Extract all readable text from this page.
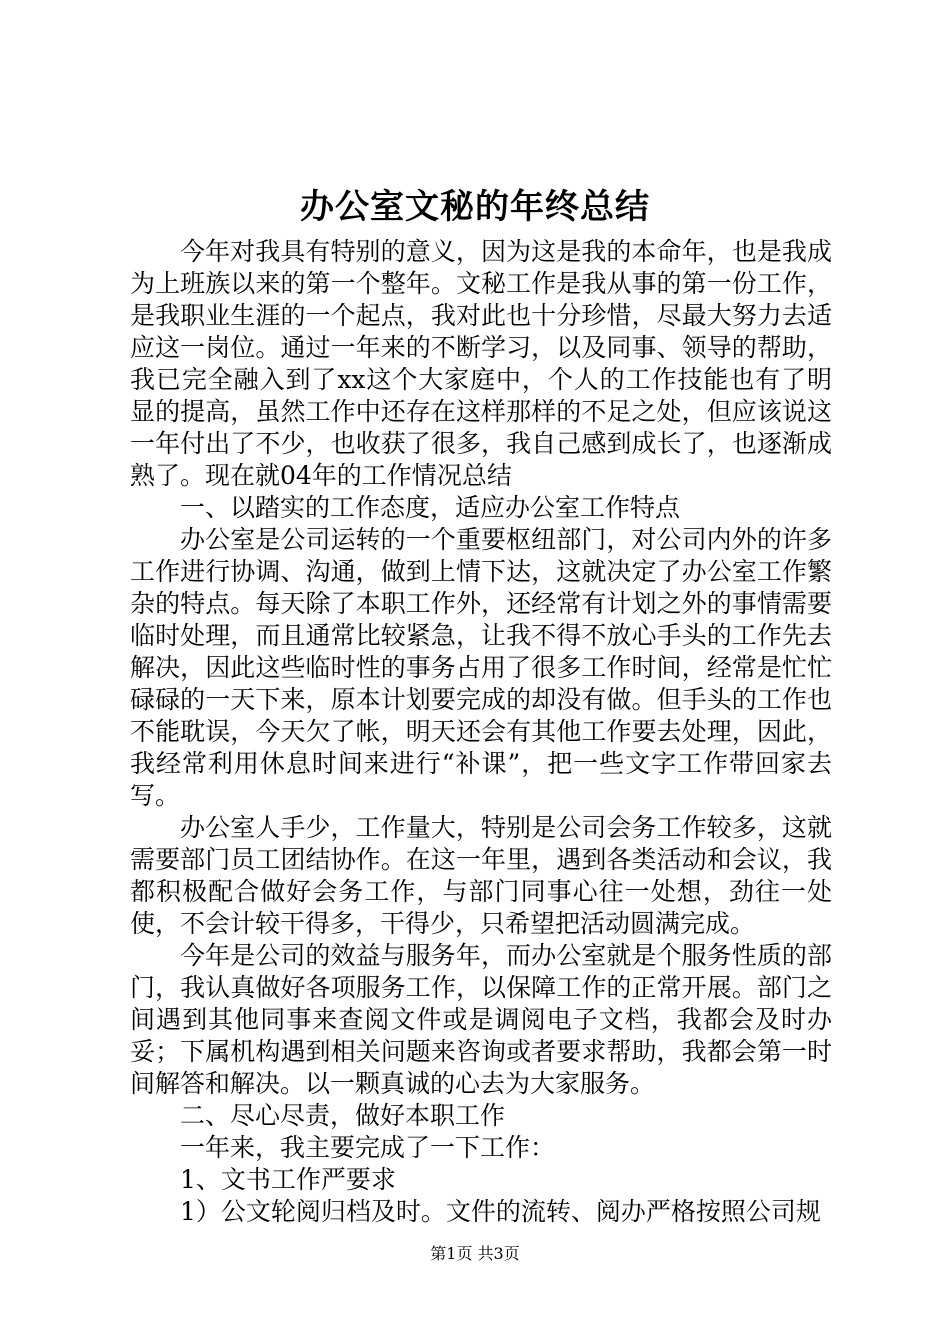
办公室文秘的年终总结

今年对我具有特别的意义，因为这是我的本命年，也是我成为上班族以来的第一个整年。文秘工作是我从事的第一份工作，是我职业生涯的一个起点，我对此也十分珍惜，尽最大努力去适应这一岗位。通过一年来的不断学习，以及同事、领导的帮助，我已完全融入到了xx这个大家庭中，个人的工作技能也有了明显的提高，虽然工作中还存在这样那样的不足之处，但应该说这一年付出了不少，也收获了很多，我自己感到成长了，也逐渐成熟了。现在就04年的工作情况总结

一、以踏实的工作态度，适应办公室工作特点

办公室是公司运转的一个重要枢纽部门，对公司内外的许多工作进行协调、沟通，做到上情下达，这就决定了办公室工作繁杂的特点。每天除了本职工作外，还经常有计划之外的事情需要临时处理，而且通常比较紧急，让我不得不放心手头的工作先去解决，因此这些临时性的事务占用了很多工作时间，经常是忙忙碌碌的一天下来，原本计划要完成的却没有做。但手头的工作也不能耽误，今天欠了帐，明天还会有其他工作要去处理，因此，我经常利用休息时间来进行“补课”，把一些文字工作带回家去写。

办公室人手少，工作量大，特别是公司会务工作较多，这就需要部门员工团结协作。在这一年里，遇到各类活动和会议，我都积极配合做好会务工作，与部门同事心往一处想，劲往一处使，不会计较干得多，干得少，只希望把活动圆满完成。

今年是公司的效益与服务年，而办公室就是个服务性质的部门，我认真做好各项服务工作，以保障工作的正常开展。部门之间遇到其他同事来查阅文件或是调阅电子文档，我都会及时办妥；下属机构遇到相关问题来咨询或者要求帮助，我都会第一时间解答和解决。以一颗真诚的心去为大家服务。

二、尽心尽责，做好本职工作

一年来，我主要完成了一下工作：

1、文书工作严要求

1）公文轮阅归档及时。文件的流转、阅办严格按照公司规

第1页 共3页
